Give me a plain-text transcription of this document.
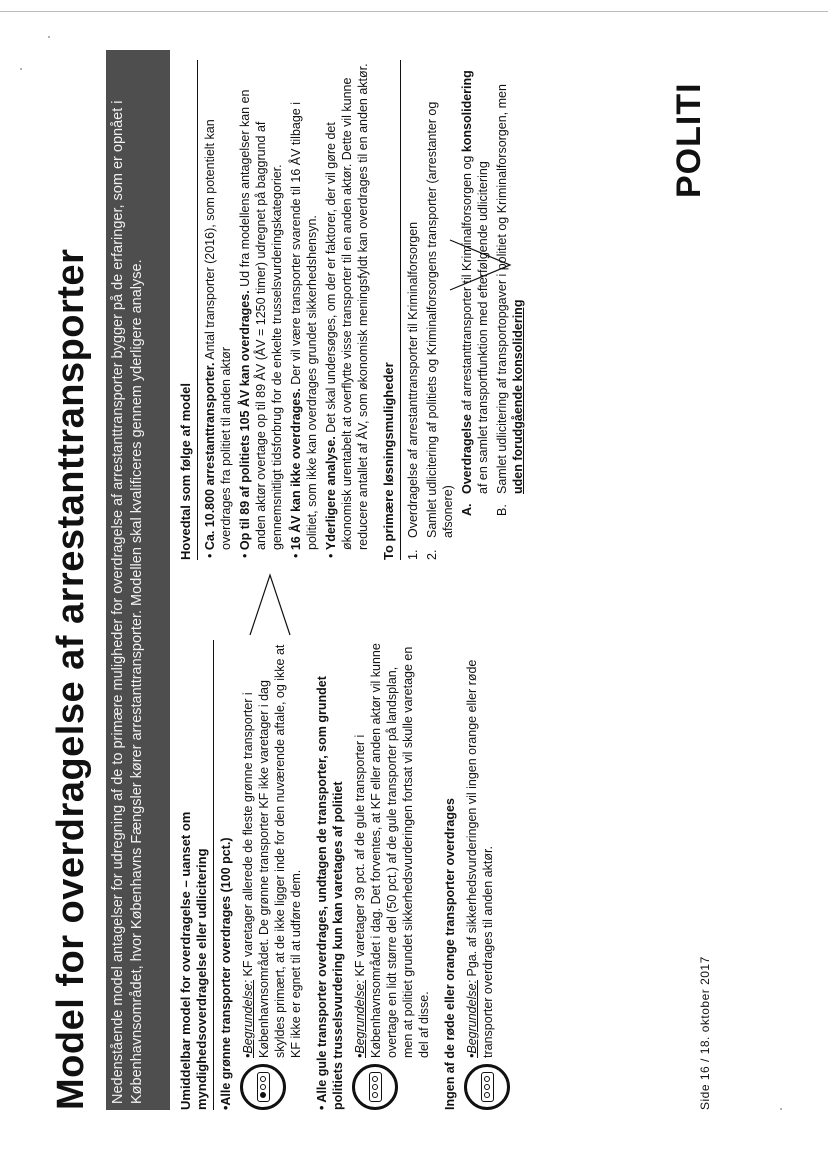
Model for overdragelse af arrestanttransporter
POLITI
Nedenstående model antagelser for udregning af de to primære muligheder for overdragelse af arrestanttransporter bygger på de erfaringer, som er opnået i Københavnsområdet, hvor Københavns Fængsler kører arrestanttransporter. Modellen skal kvalificeres gennem yderligere analyse.	Umiddelbar model for overdragelse – uanset om myndighedsoverdragelse eller udlicitering •Alle grønne transporter overdrages (100 pct.) •Begrundelse: KF varetager allerede de fleste grønne transporter i Københavnsområdet. De grønne transporter KF ikke varetager i dag skyldes primært, at de ikke ligger inde for den nuværende aftale, og ikke at KF ikke er egnet til at udføre dem. • Alle gule transporter overdrages, undtagen de transporter, som grundet politiets trusselsvurdering kun kan varetages af politiet •Begrundelse: KF varetager 39 pct. af de gule transporter i Københavnsområdet i dag. Det forventes, at KF eller anden aktør vil kunne overtage en lidt større del (50 pct.) af de gule transporter på landsplan, men at politiet grundet sikkerhedsvurderingen fortsat vil skulle varetage en del af disse. Ingen af de røde eller orange transporter overdrages •Begrundelse: Pga. af sikkerhedsvurderingen vil ingen orange eller røde transporter overdrages til anden aktør.
Hovedtal som følge af model • Ca. 10.800 arrestanttransporter. Antal transporter (2016), som potentielt kan overdrages fra politiet til anden aktør
• Op til 89 af politiets 105 ÅV kan overdrages. Ud fra modellens antagelser kan en anden aktør overtage op til 89 ÅV (ÅV = 1250 timer) udregnet på baggrund af gennemsnitligt tidsforbrug for de enkelte trusselsvurderingskategorier.
• 16 ÅV kan ikke overdrages. Der vil være transporter svarende til 16 ÅV tilbage i politiet, som ikke kan overdrages grundet sikkerhedshensyn.
• Yderligere analyse. Det skal undersøges, om der er faktorer, der vil gøre det økonomisk urentabelt at overflytte visse transporter til en anden aktør. Dette vil kunne reducere antallet af ÅV, som økonomisk meningsfyldt kan overdrages til en anden aktør. To primære løsningsmuligheder 1.
Overdragelse af arrestanttransporter til Kriminalforsorgen
2.
Samlet udlicitering af politiets og Kriminalforsorgens transporter (arrestanter og afsonere) A.
Overdragelse af arrestanttransporter til Kriminalforsorgen og konsolidering af en samlet transportfunktion med efterfølgende udlicitering
B.
Samlet udlicitering af transportopgaver i politiet og Kriminalforsorgen, men uden forudgående konsolidering
Side 16 / 18. oktober 2017
